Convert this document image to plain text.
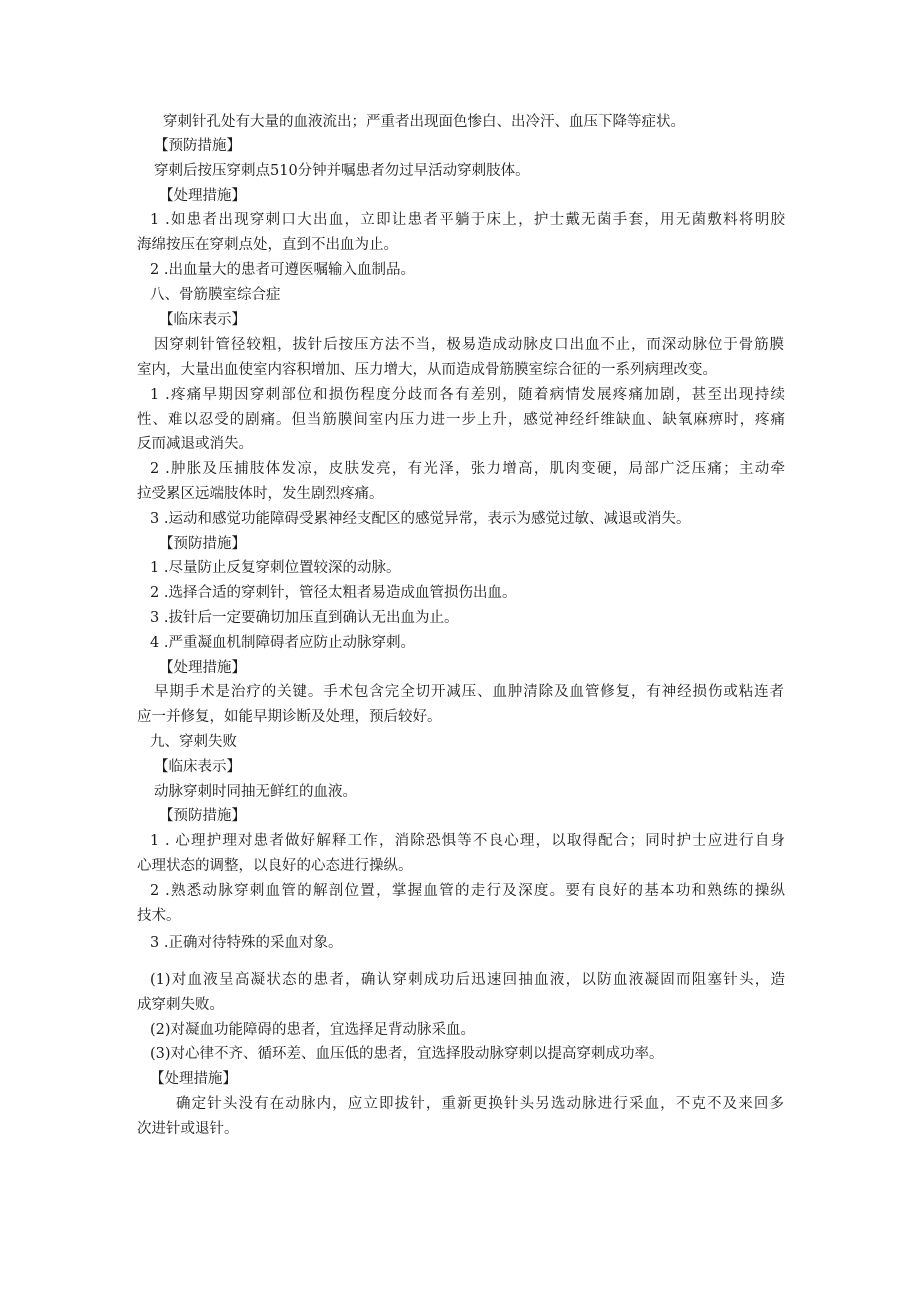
穿刺针孔处有大量的血液流出；严重者出现面色惨白、出冷汗、血压下降等症状。
【预防措施】
穿刺后按压穿刺点510分钟并嘱患者勿过早活动穿刺肢体。
【处理措施】
1 .如患者出现穿刺口大出血，立即让患者平躺于床上，护士戴无菌手套，用无菌敷料将明胶
海绵按压在穿刺点处，直到不出血为止。
2 .出血量大的患者可遵医嘱输入血制品。
八、骨筋膜室综合症
【临床表示】
因穿刺针管径较粗，拔针后按压方法不当，极易造成动脉皮口出血不止，而深动脉位于骨筋膜
室内，大量出血使室内容积增加、压力增大，从而造成骨筋膜室综合征的一系列病理改变。
1 .疼痛早期因穿刺部位和损伤程度分歧而各有差别，随着病情发展疼痛加剧，甚至出现持续
性、难以忍受的剧痛。但当筋膜间室内压力进一步上升，感觉神经纤维缺血、缺氧麻痹时，疼痛
反而减退或消失。
2 .肿胀及压捕肢体发凉，皮肤发亮，有光泽，张力增高，肌肉变硬，局部广泛压痛；主动牵
拉受累区远端肢体时，发生剧烈疼痛。
3 .运动和感觉功能障碍受累神经支配区的感觉异常，表示为感觉过敏、减退或消失。
【预防措施】
1 .尽量防止反复穿刺位置较深的动脉。
2 .选择合适的穿刺针，管径太粗者易造成血管损伤出血。
3 .拔针后一定要确切加压直到确认无出血为止。
4 .严重凝血机制障碍者应防止动脉穿刺。
【处理措施】
早期手术是治疗的关键。手术包含完全切开减压、血肿清除及血管修复，有神经损伤或粘连者
应一并修复，如能早期诊断及处理，预后较好。
九、穿刺失败
【临床表示】
动脉穿刺时同抽无鲜红的血液。
【预防措施】
1 . 心理护理对患者做好解释工作，消除恐惧等不良心理，以取得配合；同时护士应进行自身
心理状态的调整，以良好的心态进行操纵。
2 .熟悉动脉穿刺血管的解剖位置，掌握血管的走行及深度。要有良好的基本功和熟练的操纵
技术。
3 .正确对待特殊的采血对象。
(1)对血液呈高凝状态的患者，确认穿刺成功后迅速回抽血液，以防血液凝固而阻塞针头，造
成穿刺失败。
(2)对凝血功能障碍的患者，宜选择足背动脉采血。
(3)对心律不齐、循环差、血压低的患者，宜选择股动脉穿刺以提高穿刺成功率。
【处理措施】
确定针头没有在动脉内，应立即拔针，重新更换针头另选动脉进行采血，不克不及来回多
次进针或退针。
